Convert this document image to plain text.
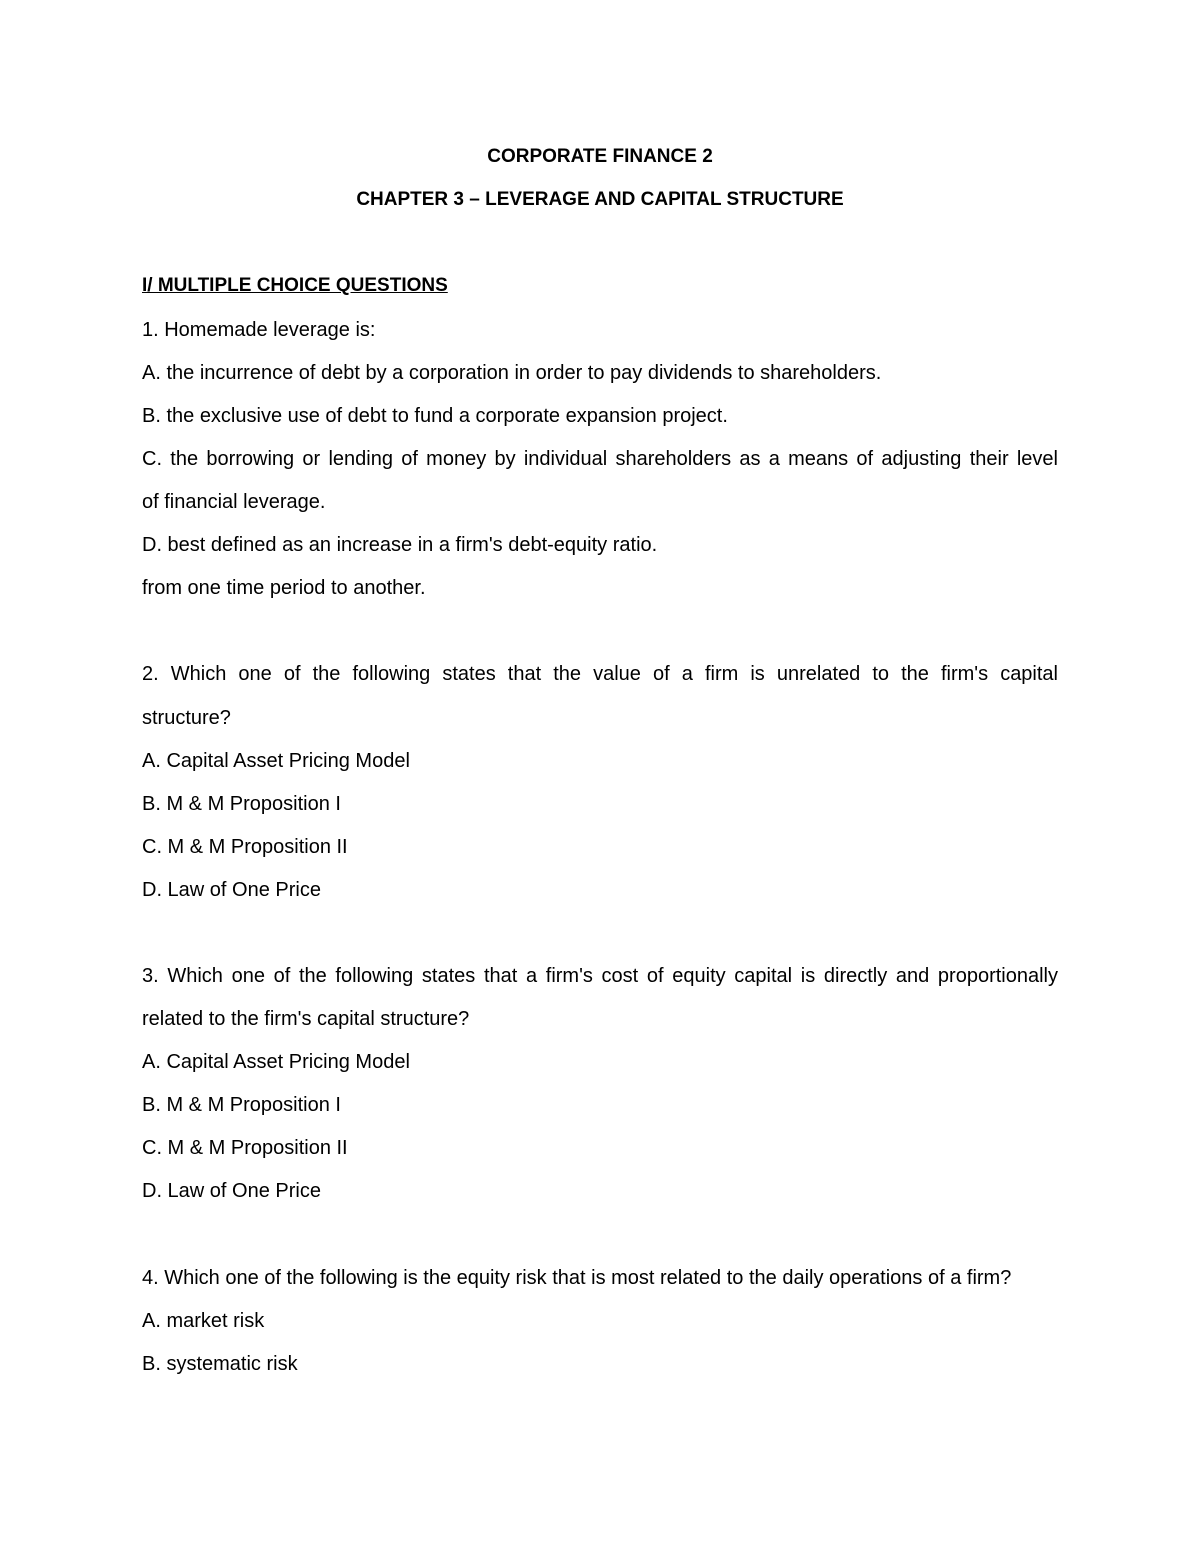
CORPORATE FINANCE 2
CHAPTER 3 – LEVERAGE AND CAPITAL STRUCTURE
I/ MULTIPLE CHOICE QUESTIONS
1. Homemade leverage is:
A. the incurrence of debt by a corporation in order to pay dividends to shareholders.
B. the exclusive use of debt to fund a corporate expansion project.
C. the borrowing or lending of money by individual shareholders as a means of adjusting their level
of financial leverage.
D. best defined as an increase in a firm's debt-equity ratio.
from one time period to another.
2. Which one of the following states that the value of a firm is unrelated to the firm's capital
structure?
A. Capital Asset Pricing Model
B. M & M Proposition I
C. M & M Proposition II
D. Law of One Price
3. Which one of the following states that a firm's cost of equity capital is directly and proportionally
related to the firm's capital structure?
A. Capital Asset Pricing Model
B. M & M Proposition I
C. M & M Proposition II
D. Law of One Price
4. Which one of the following is the equity risk that is most related to the daily operations of a firm?
A. market risk
B. systematic risk
